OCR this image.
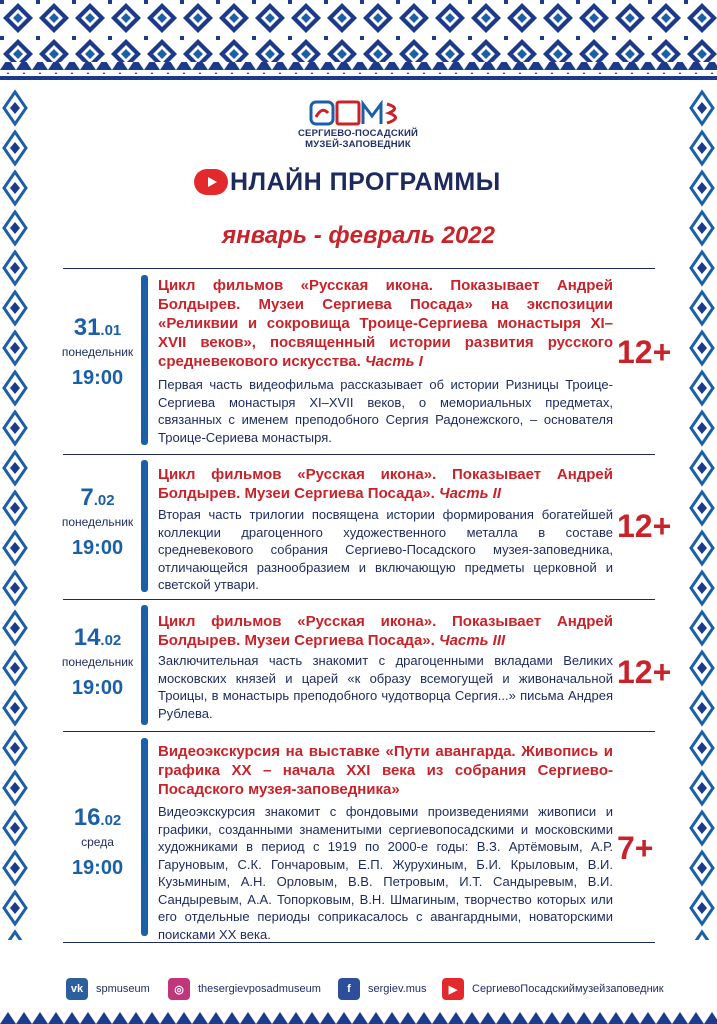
СЕРГИЕВО-ПОСАДСКИЙ
МУЗЕЙ-ЗАПОВЕДНИК
НЛАЙН ПРОГРАММЫ
январь - февраль 2022
31.01
понедельник
19:00
Цикл фильмов «Русская икона. Показывает Андрей Болдырев. Музеи Сергиева Посада» на экспозиции «Реликвии и сокровища Троице-Сергиева монастыря XI–XVII веков», посвященный истории развития русского средневекового искусства. Часть I
Первая часть видеофильма рассказывает об истории Ризницы Троице-Сергиева монастыря XI–XVII веков, о мемориальных предметах, связанных с именем преподобного Сергия Радонежского, – основателя Троице-Сериева монастыря.
12+
7.02
понедельник
19:00
Цикл фильмов «Русская икона». Показывает Андрей Болдырев. Музеи Сергиева Посада». Часть II
Вторая часть трилогии посвящена истории формирования богатейшей коллекции драгоценного художественного металла в составе средневекового собрания Сергиево-Посадского музея-заповедника, отличающейся разнообразием и включающую предметы церковной и светской утвари.
12+
14.02
понедельник
19:00
Цикл фильмов «Русская икона». Показывает Андрей Болдырев. Музеи Сергиева Посада». Часть III
Заключительная часть знакомит с драгоценными вкладами Великих московских князей и царей «к образу всемогущей и живоначальной Троицы, в монастырь преподобного чудотворца Сергия...» письма Андрея Рублева.
12+
16.02
среда
19:00
Видеоэкскурсия на выставке «Пути авангарда. Живопись и графика XX – начала XXI века из собрания Сергиево-Посадского музея-заповедника»
Видеоэкскурсия знакомит с фондовыми произведениями живописи и графики, созданными знаменитыми сергиевопосадскими и московскими художниками в период с 1919 по 2000-е годы: В.З. Артёмовым, А.Р. Гаруновым, С.К. Гончаровым, Е.П. Журухиным, Б.И. Крыловым, В.И. Кузьминым, А.Н. Орловым, В.В. Петровым, И.Т. Сандыревым, В.И. Сандыревым, А.А. Топорковым, В.Н. Шмагиным, творчество которых или его отдельные периоды соприкасалось с авангардными, новаторскими поисками XX века.
7+
vk	spmuseum	◎	thesergievposadmuseum	f	sergiev.mus	▶	СергиевоПосадскиймузейзаповедник
